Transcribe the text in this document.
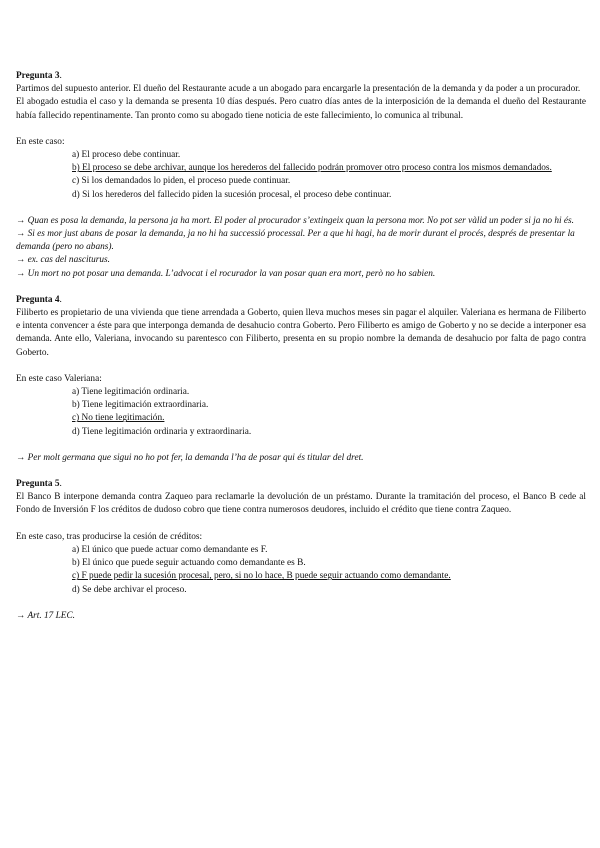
Pregunta 3.
Partimos del supuesto anterior. El dueño del Restaurante acude a un abogado para encargarle la presentación de la demanda y da poder a un procurador.
El abogado estudia el caso y la demanda se presenta 10 días después. Pero cuatro días antes de la interposición de la demanda el dueño del Restaurante había fallecido repentinamente. Tan pronto como su abogado tiene noticia de este fallecimiento, lo comunica al tribunal.
En este caso:
a) El proceso debe continuar.
b) El proceso se debe archivar, aunque los herederos del fallecido podrán promover otro proceso contra los mismos demandados.
c) Si los demandados lo piden, el proceso puede continuar.
d) Si los herederos del fallecido piden la sucesión procesal, el proceso debe continuar.
→ Quan es posa la demanda, la persona ja ha mort. El poder al procurador s’extingeix quan la persona mor. No pot ser vàlid un poder si ja no hi és.
→ Si es mor just abans de posar la demanda, ja no hi ha successió processal. Per a que hi hagi, ha de morir durant el procés, després de presentar la demanda (pero no abans).
→ ex. cas del nasciturus.
→ Un mort no pot posar una demanda. L’advocat i el rocurador la van posar quan era mort, però no ho sabien.
Pregunta 4.
Filiberto es propietario de una vivienda que tiene arrendada a Goberto, quien lleva muchos meses sin pagar el alquiler. Valeriana es hermana de Filiberto e intenta convencer a éste para que interponga demanda de desahucio contra Goberto. Pero Filiberto es amigo de Goberto y no se decide a interponer esa demanda. Ante ello, Valeriana, invocando su parentesco con Filiberto, presenta en su propio nombre la demanda de desahucio por falta de pago contra Goberto.
En este caso Valeriana:
a) Tiene legitimación ordinaria.
b) Tiene legitimación extraordinaria.
c) No tiene legitimación.
d) Tiene legitimación ordinaria y extraordinaria.
→ Per molt germana que sigui no ho pot fer, la demanda l’ha de posar qui és titular del dret.
Pregunta 5.
El Banco B interpone demanda contra Zaqueo para reclamarle la devolución de un préstamo. Durante la tramitación del proceso, el Banco B cede al Fondo de Inversión F los créditos de dudoso cobro que tiene contra numerosos deudores, incluido el crédito que tiene contra Zaqueo.
En este caso, tras producirse la cesión de créditos:
a) El único que puede actuar como demandante es F.
b) El único que puede seguir actuando como demandante es B.
c) F puede pedir la sucesión procesal, pero, si no lo hace, B puede seguir actuando como demandante.
d) Se debe archivar el proceso.
→ Art. 17 LEC.
